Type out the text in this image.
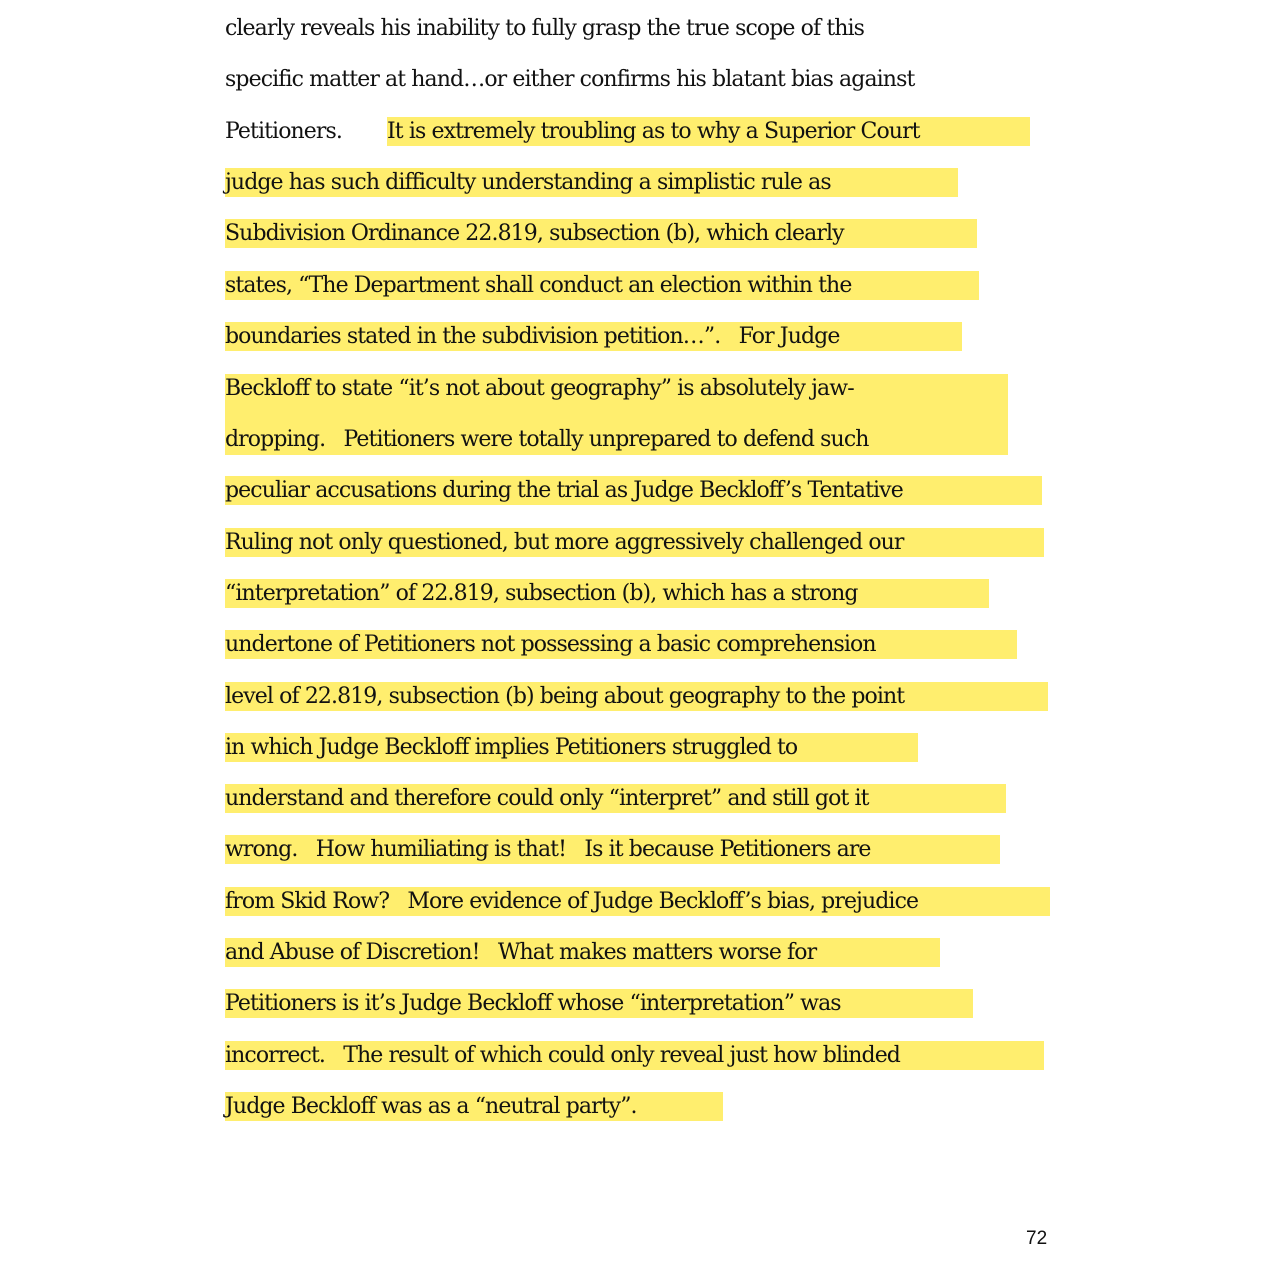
clearly reveals his inability to fully grasp the true scope of this
specific matter at hand…or either confirms his blatant bias against
Petitioners. It is extremely troubling as to why a Superior Court
judge has such difficulty understanding a simplistic rule as
Subdivision Ordinance 22.819, subsection (b), which clearly
states, “The Department shall conduct an election within the
boundaries stated in the subdivision petition…”.   For Judge
Beckloff to state “it’s not about geography” is absolutely jaw-
dropping.   Petitioners were totally unprepared to defend such
peculiar accusations during the trial as Judge Beckloff’s Tentative
Ruling not only questioned, but more aggressively challenged our
“interpretation” of 22.819, subsection (b), which has a strong
undertone of Petitioners not possessing a basic comprehension
level of 22.819, subsection (b) being about geography to the point
in which Judge Beckloff implies Petitioners struggled to
understand and therefore could only “interpret” and still got it
wrong.   How humiliating is that!   Is it because Petitioners are
from Skid Row?   More evidence of Judge Beckloff’s bias, prejudice
and Abuse of Discretion!   What makes matters worse for
Petitioners is it’s Judge Beckloff whose “interpretation” was
incorrect.   The result of which could only reveal just how blinded
Judge Beckloff was as a “neutral party”.
72
